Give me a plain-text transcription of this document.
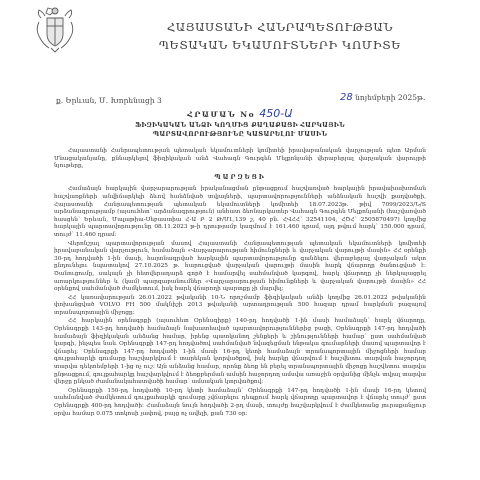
ՀԱՅԱՍՏԱՆԻ ՀԱՆՐԱՊԵՏՈՒԹՅԱՆ
ՊԵՏԱԿԱՆ ԵԿԱՄՈՒՏՆԵՐԻ ԿՈՄԻՏԵ
ք. Երևան, Մ. Խորենացի 3	28 նոյեմբերի 2025թ.
ՀՐԱՄԱՆ No 450-Ա
ՖԻԶԻԿԱԿԱՆ ԱՆՁԻ ԿՈՂՄԻՑ ՔԱՂԱՔԱՑԻ ՀԱՐԿԱՅԻՆ
ՊԱՐՏԱՎՈՐՈՒԹՅՈՒՆԸ ԿԱՏԱՐԵԼՈՒ ՄԱՍԻՆ

Հայաստանի Հանրապետության պետական եկամուտների կոմիտեի իրավաբանական վարչության պետ Արման Մնացականյանը, քննարկելով ֆիզիկական անձ Վահագն Գուրգեն Մելքոնյանի վերաբերյալ վարչական վարույթի նյութերը,

ՊԱՐԶԵՑԻ

Համաձայն հարկային վարչարարության իրականացման ընթացքում հաշվառված հարկային իրավախախտման հաշվառքների անվիճարկելի ձևով հանձնված տվյալների, պարտավորությունների անձնական հաշվի քաղվածքի, Հայաստանի Հանրապետության պետական եկամուտների կոմիտեի 18.07.2023թ. թիվ 7099/2023/Ն/Տ արձանագրությամբ (այսուհետ՝ արձանագրություն) անհատ ձեռնարկատեր Վահագն Գուրգեն Մելքոնյանի (հաշվառված հասցեն՝ Երևան, Մալաթիա-Սեբաստիա Հ-Ա Բ 2 Թ/ՄԼ,139 շ, 40 բն. ՀՎՀՀ՝ 32541104, ՀԾՀ՝ 2505870497) կողմից հարկային պարտավորությունը 08.11.2023 թ-ի դրությամբ կազմում է 161.460 դրամ, այդ թվում հարկ՝ 150.000 դրամ, տույժ՝ 11.460 դրամ:

Վերոնշյալ պարտավորության մասով Հայաստանի Հանրապետության պետական եկամուտների կոմիտեի իրավաբանական վարչություն, համաձայն «Վարչարարության հիմունքների և վարչական վարույթի մասին» ՀՀ օրենքի 30-րդ հոդվածի 1-ին մասի, հայտնագրված հարկային պարտավորությունը գանձելու վերաբերյալ վարչական ակտ ընդունելու նպատակով 27.10.2025 թ. հարուցված վարչական վարույթի մասին հարկ վճարողը ծանուցված է: Ծանուցումը, սակայն չի հետվերադարձ գործ է համարվել սահմանված կարգով, հարկ վճարողը չի ներկայացրել առարկություններ և (կամ) պարզաբանումներ «Վարչարարության հիմունքների և վարչական վարույթի մասին» ՀՀ օրենքով սահմանված ժամկետում, իսկ հարկ վճարողի պարտքը չի մարվել:

ՀՀ կառավարության 26.01.2022 թվականի 10-Ն որոշմամբ ֆիզիկական անձի կողմից 26.01.2022 թվականին փոխանցված VOLVO FH 500 մակնիշի 2013 թվականի արտադրության 500 հազար դրամ հարկման բազայով տրանսպորտային միջոցը:

ՀՀ հարկային օրենսգրքի (այսուհետ Օրենսգիրք) 140-րդ հոդվածի 1-ին մասի համաձայն՝ հարկ վճարողը, Օրենսգրքի 143-րդ հոդվածի համաձայն նախատեսված պարտավորություններից բացի, Օրենսգրքի 147-րդ հոդվածի համաձայն ֆիզիկական անձանց համար, իրենց պատկանող շենքերի և շինությունների համար՝ ըստ սահմանված կարգի, ինչպես նաև Օրենսգրքի 147-րդ հոդվածով սահմանված նվազեցման ենթակա գումարների մասով պարտավոր է վճարել: Օրենսգրքի 147-րդ հոդվածի 1-ին մասի 16-րդ կետի համաձայն տրանսպորտային միջոցների համար գույքահարկի գումարը հաշվարկվում է տարեկան կտրվածքով, իսկ հարկը վճարվում է հաշվետու տարվան հաջորդող տարվա դեկտեմբերի 1-ից ոչ ուշ: Այն անձանց համար, որոնք ձեռք են բերել տրանսպորտային միջոցը հաշվետու տարվա ընթացքում, գույքահարկը հաշվարկվում է ձեռքբերման ամսին հաջորդող ամսվա առաջին օրվանից մինչև տվյալ տարվա վերջը ընկած ժամանակահատվածի համար՝ ամսական կտրվածքով:

Օրենսգրքի 150-րդ հոդվածի 10-րդ կետի համաձայն՝ Օրենսգրքի 147-րդ հոդվածի 1-ին մասի 16-րդ կետով սահմանված ժամկետում գույքահարկի գումարը չվճարելու դեպքում հարկ վճարողը պարտավոր է վճարել տույժ՝ ըստ Օրենսգրքի 400-րդ հոդվածի: Համաձայն նույն հոդվածի 2-րդ մասի, տույժը հաշվարկվում է ժամկետանց յուրաքանչյուր օրվա համար 0.075 տոկոսի չափով, բայց ոչ ավելի, քան 730 օր:
